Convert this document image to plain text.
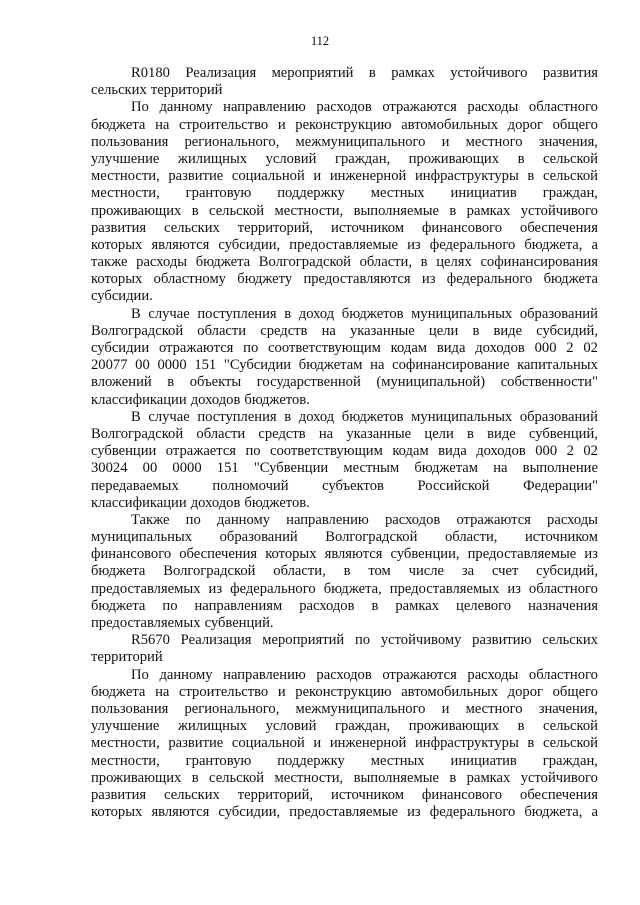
112
R0180 Реализация мероприятий в рамках устойчивого развития
сельских территорий
По данному направлению расходов отражаются расходы областного
бюджета на строительство и реконструкцию автомобильных дорог общего
пользования регионального, межмуниципального и местного значения,
улучшение жилищных условий граждан, проживающих в сельской
местности, развитие социальной и инженерной инфраструктуры в сельской
местности, грантовую поддержку местных инициатив граждан,
проживающих в сельской местности, выполняемые в рамках устойчивого
развития сельских территорий, источником финансового обеспечения
которых являются субсидии, предоставляемые из федерального бюджета, а
также расходы бюджета Волгоградской области, в целях софинансирования
которых областному бюджету предоставляются из федерального бюджета
субсидии.
В случае поступления в доход бюджетов муниципальных образований
Волгоградской области средств на указанные цели в виде субсидий,
субсидии отражаются по соответствующим кодам вида доходов 000 2 02
20077 00 0000 151 "Субсидии бюджетам на софинансирование капитальных
вложений в объекты государственной (муниципальной) собственности"
классификации доходов бюджетов.
В случае поступления в доход бюджетов муниципальных образований
Волгоградской области средств на указанные цели в виде субвенций,
субвенции отражается по соответствующим кодам вида доходов 000 2 02
30024 00 0000 151 "Субвенции местным бюджетам на выполнение
передаваемых полномочий субъектов Российской Федерации"
классификации доходов бюджетов.
Также по данному направлению расходов отражаются расходы
муниципальных образований Волгоградской области, источником
финансового обеспечения которых являются субвенции, предоставляемые из
бюджета Волгоградской области, в том числе за счет субсидий,
предоставляемых из федерального бюджета, предоставляемых из областного
бюджета по направлениям расходов в рамках целевого назначения
предоставляемых субвенций.
R5670 Реализация мероприятий по устойчивому развитию сельских
территорий
По данному направлению расходов отражаются расходы областного
бюджета на строительство и реконструкцию автомобильных дорог общего
пользования регионального, межмуниципального и местного значения,
улучшение жилищных условий граждан, проживающих в сельской
местности, развитие социальной и инженерной инфраструктуры в сельской
местности, грантовую поддержку местных инициатив граждан,
проживающих в сельской местности, выполняемые в рамках устойчивого
развития сельских территорий, источником финансового обеспечения
которых являются субсидии, предоставляемые из федерального бюджета, а
